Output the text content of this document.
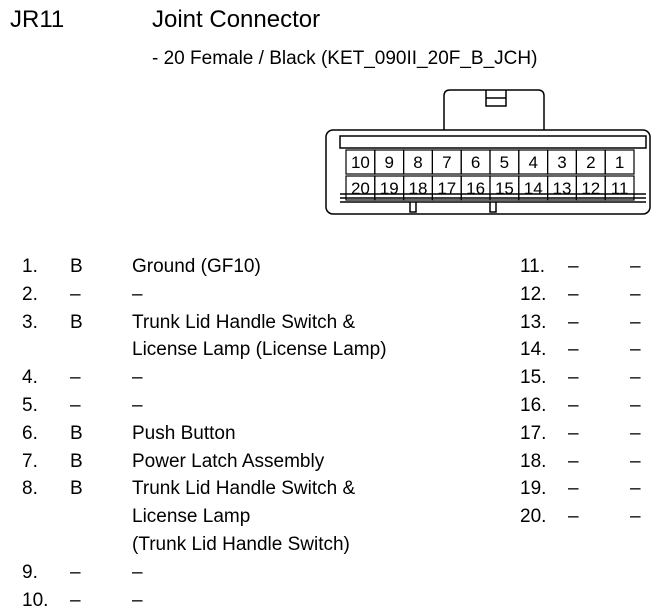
JR11	Joint Connector
- 20 Female / Black (KET_090II_20F_B_JCH)
10 9 8 7 6 5 4 3 2 1
20 19 18 17 16 15 14 13 12 11
1. B	Ground (GF10)
2. –	–
3. B	Trunk Lid Handle Switch &
License Lamp (License Lamp)
4. –	–
5. –	–
6. B	Push Button
7. B	Power Latch Assembly
8. B	Trunk Lid Handle Switch &
License Lamp
(Trunk Lid Handle Switch)
9. –	–
10. –	–
11. –	–
12. –	–
13. –	–
14. –	–
15. –	–
16. –	–
17. –	–
18. –	–
19. –	–
20. –	–
